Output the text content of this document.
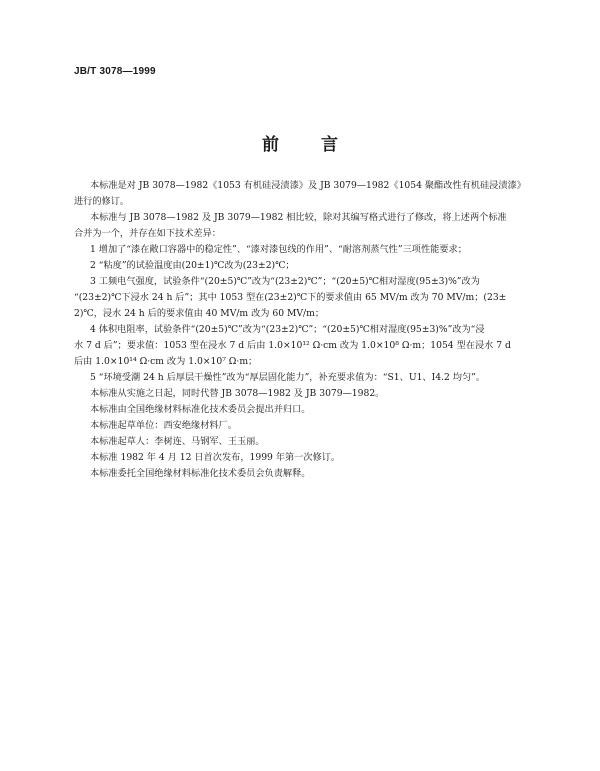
JB/T 3078—1999
前言
本标准是对 JB 3078—1982《1053 有机硅浸渍漆》及 JB 3079—1982《1054 聚酯改性有机硅浸渍漆》
进行的修订。
本标准与 JB 3078—1982 及 JB 3079—1982 相比较，除对其编写格式进行了修改，将上述两个标准
合并为一个，并存在如下技术差异：
1 增加了“漆在敞口容器中的稳定性”、“漆对漆包线的作用”、“耐溶剂蒸气性”三项性能要求；
2 “粘度”的试验温度由(20±1)℃改为(23±2)℃；
3 工频电气强度，试验条件“(20±5)℃”改为“(23±2)℃”；“(20±5)℃相对湿度(95±3)%”改为
“(23±2)℃下浸水 24 h 后”；其中 1053 型在(23±2)℃下的要求值由 65 MV/m 改为 70 MV/m；(23±
2)℃，浸水 24 h 后的要求值由 40 MV/m 改为 60 MV/m；
4 体积电阻率，试验条件“(20±5)℃”改为“(23±2)℃”；“(20±5)℃相对湿度(95±3)%”改为“浸
水 7 d 后”；要求值：1053 型在浸水 7 d 后由 1.0×10¹² Ω·cm 改为 1.0×10⁸ Ω·m；1054 型在浸水 7 d
后由 1.0×10¹⁴ Ω·cm 改为 1.0×10⁷ Ω·m；
5 “环境受潮 24 h 后厚层干燥性”改为“厚层固化能力”，补充要求值为：“S1、U1、I4.2 均匀”。
本标准从实施之日起，同时代替 JB 3078—1982 及 JB 3079—1982。
本标准由全国绝缘材料标准化技术委员会提出并归口。
本标准起草单位：西安绝缘材料厂。
本标准起草人：李树连、马钢军、王玉丽。
本标准 1982 年 4 月 12 日首次发布，1999 年第一次修订。
本标准委托全国绝缘材料标准化技术委员会负责解释。
